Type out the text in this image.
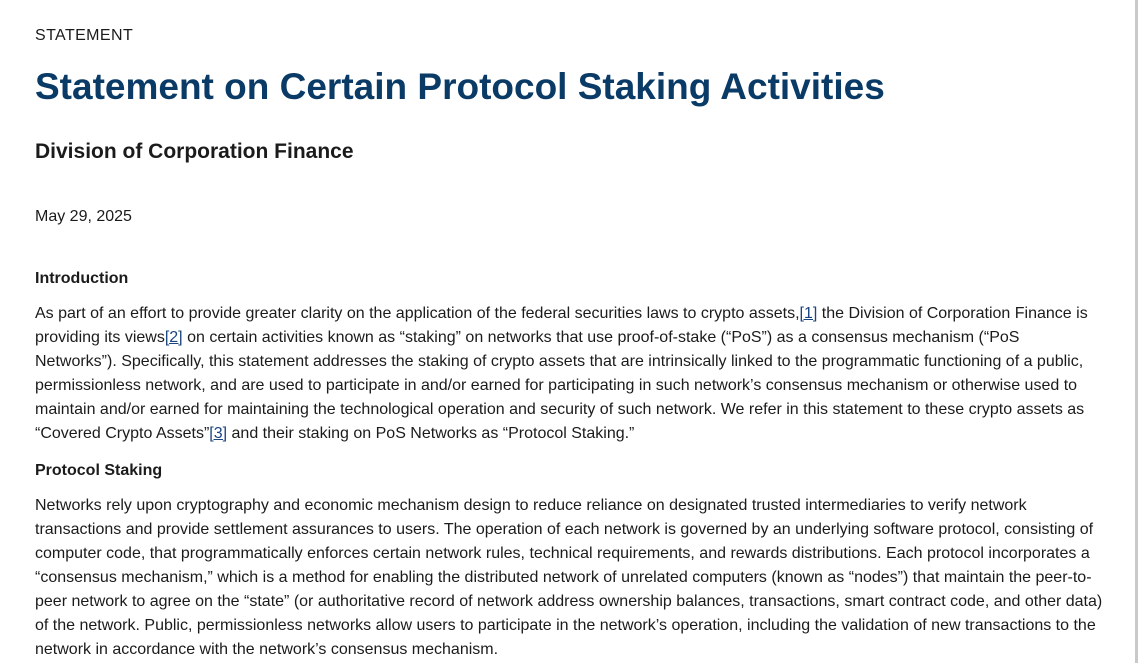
STATEMENT
Statement on Certain Protocol Staking Activities
Division of Corporation Finance
May 29, 2025
Introduction

As part of an effort to provide greater clarity on the application of the federal securities laws to crypto assets,[1] the Division of Corporation Finance is providing its views[2] on certain activities known as “staking” on networks that use proof-of-stake (“PoS”) as a consensus mechanism (“PoS Networks”). Specifically, this statement addresses the staking of crypto assets that are intrinsically linked to the programmatic functioning of a public, permissionless network, and are used to participate in and/or earned for participating in such network’s consensus mechanism or otherwise used to maintain and/or earned for maintaining the technological operation and security of such network. We refer in this statement to these crypto assets as “Covered Crypto Assets”[3] and their staking on PoS Networks as “Protocol Staking.”

Protocol Staking

Networks rely upon cryptography and economic mechanism design to reduce reliance on designated trusted intermediaries to verify network transactions and provide settlement assurances to users. The operation of each network is governed by an underlying software protocol, consisting of computer code, that programmatically enforces certain network rules, technical requirements, and rewards distributions. Each protocol incorporates a “consensus mechanism,” which is a method for enabling the distributed network of unrelated computers (known as “nodes”) that maintain the peer-to-peer network to agree on the “state” (or authoritative record of network address ownership balances, transactions, smart contract code, and other data) of the network. Public, permissionless networks allow users to participate in the network’s operation, including the validation of new transactions to the network in accordance with the network’s consensus mechanism.
